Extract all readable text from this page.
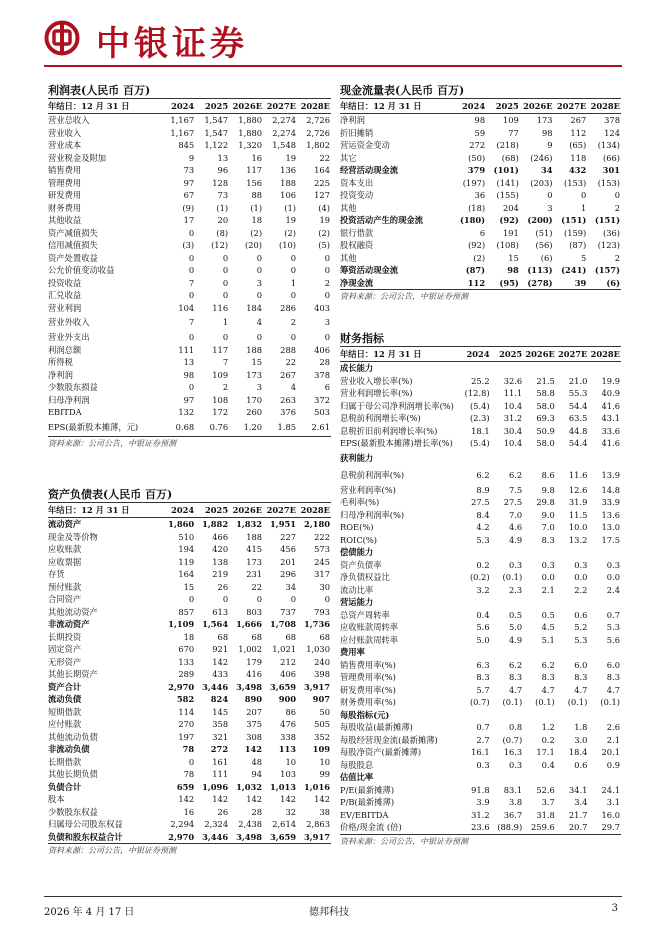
中银证券
利润表(人民币 百万)
年结日：12 月 31 日	2024	2025	2026E	2027E	2028E
营业总收入	1,167	1,547	1,880	2,274	2,726
营业收入	1,167	1,547	1,880	2,274	2,726
营业成本	845	1,122	1,320	1,548	1,802
营业税金及附加	9	13	16	19	22
销售费用	73	96	117	136	164
管理费用	97	128	156	188	225
研发费用	67	73	88	106	127
财务费用	(9)	(1)	(1)	(1)	(4)
其他收益	17	20	18	19	19
资产减值损失	0	(8)	(2)	(2)	(2)
信用减值损失	(3)	(12)	(20)	(10)	(5)
资产处置收益	0	0	0	0	0
公允价值变动收益	0	0	0	0	0
投资收益	7	0	3	1	2
汇兑收益	0	0	0	0	0
营业利润	104	116	184	286	403
营业外收入	7	1	4	2	3
营业外支出	0	0	0	0	0
利润总额	111	117	188	288	406
所得税	13	7	15	22	28
净利润	98	109	173	267	378
少数股东损益	0	2	3	4	6
归母净利润	97	108	170	263	372
EBITDA	132	172	260	376	503
EPS(最新股本摊薄，元)	0.68	0.76	1.20	1.85	2.61
资料来源：公司公告，中银证券预测
资产负债表(人民币 百万)
年结日：12 月 31 日	2024	2025	2026E	2027E	2028E
流动资产	1,860	1,882	1,832	1,951	2,180
现金及等价物	510	466	188	227	222
应收账款	194	420	415	456	573
应收票据	119	138	173	201	245
存货	164	219	231	296	317
预付账款	15	26	22	34	30
合同资产	0	0	0	0	0
其他流动资产	857	613	803	737	793
非流动资产	1,109	1,564	1,666	1,708	1,736
长期投资	18	68	68	68	68
固定资产	670	921	1,002	1,021	1,030
无形资产	133	142	179	212	240
其他长期资产	289	433	416	406	398
资产合计	2,970	3,446	3,498	3,659	3,917
流动负债	582	824	890	900	907
短期借款	114	145	207	86	50
应付账款	270	358	375	476	505
其他流动负债	197	321	308	338	352
非流动负债	78	272	142	113	109
长期借款	0	161	48	10	10
其他长期负债	78	111	94	103	99
负债合计	659	1,096	1,032	1,013	1,016
股本	142	142	142	142	142
少数股东权益	16	26	28	32	38
归属母公司股东权益	2,294	2,324	2,438	2,614	2,863
负债和股东权益合计	2,970	3,446	3,498	3,659	3,917
资料来源：公司公告，中银证券预测
现金流量表(人民币 百万)
年结日：12 月 31 日	2024	2025	2026E	2027E	2028E
净利润	98	109	173	267	378
折旧摊销	59	77	98	112	124
营运资金变动	272	(218)	9	(65)	(134)
其它	(50)	(68)	(246)	118	(66)
经营活动现金流	379	(101)	34	432	301
资本支出	(197)	(141)	(203)	(153)	(153)
投资变动	36	(155)	0	0	0
其他	(18)	204	3	1	2
投资活动产生的现金流	(180)	(92)	(200)	(151)	(151)
银行借款	6	191	(51)	(159)	(36)
股权融资	(92)	(108)	(56)	(87)	(123)
其他	(2)	15	(6)	5	2
筹资活动现金流	(87)	98	(113)	(241)	(157)
净现金流	112	(95)	(278)	39	(6)
资料来源：公司公告，中银证券预测
财务指标
年结日：12 月 31 日	2024	2025	2026E	2027E	2028E
成长能力					
营业收入增长率(%)	25.2	32.6	21.5	21.0	19.9
营业利润增长率(%)	(12.8)	11.1	58.8	55.3	40.9
归属于母公司净利润增长率(%)	(5.4)	10.4	58.0	54.4	41.6
息税前利润增长率(%)	(2.3)	31.2	69.3	63.5	43.1
息税折旧前利润增长率(%)	18.1	30.4	50.9	44.8	33.6
EPS(最新股本摊薄)增长率(%)	(5.4)	10.4	58.0	54.4	41.6
获利能力					
息税前利润率(%)	6.2	6.2	8.6	11.6	13.9
营业利润率(%)	8.9	7.5	9.8	12.6	14.8
毛利率(%)	27.5	27.5	29.8	31.9	33.9
归母净利润率(%)	8.4	7.0	9.0	11.5	13.6
ROE(%)	4.2	4.6	7.0	10.0	13.0
ROIC(%)	5.3	4.9	8.3	13.2	17.5
偿债能力					
资产负债率	0.2	0.3	0.3	0.3	0.3
净负债权益比	(0.2)	(0.1)	0.0	0.0	0.0
流动比率	3.2	2.3	2.1	2.2	2.4
营运能力					
总资产周转率	0.4	0.5	0.5	0.6	0.7
应收账款周转率	5.6	5.0	4.5	5.2	5.3
应付账款周转率	5.0	4.9	5.1	5.3	5.6
费用率					
销售费用率(%)	6.3	6.2	6.2	6.0	6.0
管理费用率(%)	8.3	8.3	8.3	8.3	8.3
研发费用率(%)	5.7	4.7	4.7	4.7	4.7
财务费用率(%)	(0.7)	(0.1)	(0.1)	(0.1)	(0.1)
每股指标(元)					
每股收益(最新摊薄)	0.7	0.8	1.2	1.8	2.6
每股经营现金流(最新摊薄)	2.7	(0.7)	0.2	3.0	2.1
每股净资产(最新摊薄)	16.1	16.3	17.1	18.4	20.1
每股股息	0.3	0.3	0.4	0.6	0.9
估值比率					
P/E(最新摊薄)	91.8	83.1	52.6	34.1	24.1
P/B(最新摊薄)	3.9	3.8	3.7	3.4	3.1
EV/EBITDA	31.2	36.7	31.8	21.7	16.0
价格/现金流 (倍)	23.6	(88.9)	259.6	20.7	29.7
资料来源：公司公告，中银证券预测
2026 年 4 月 17 日	德邦科技	3
